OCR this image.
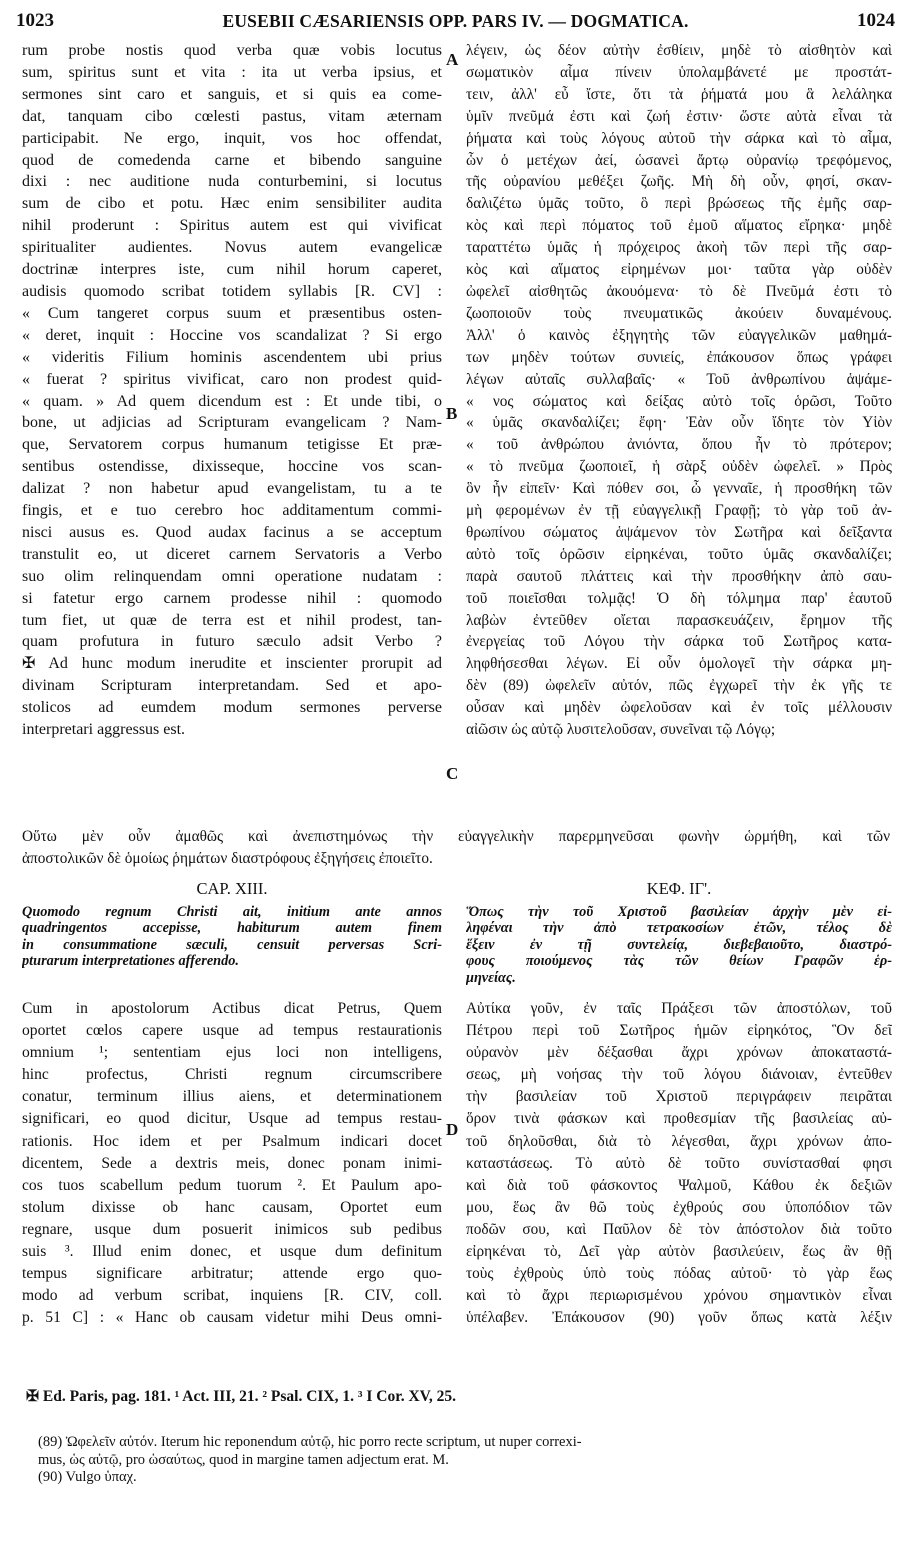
1023	EUSEBII CÆSARIENSIS OPP. PARS IV. — DOGMATICA.	1024
rum probe nostis quod verba quæ vobis locutus
sum, spiritus sunt et vita : ita ut verba ipsius, et
sermones sint caro et sanguis, et si quis ea come-
dat, tanquam cibo cœlesti pastus, vitam æternam
participabit. Ne ergo, inquit, vos hoc offendat,
quod de comedenda carne et bibendo sanguine
dixi : nec auditione nuda conturbemini, si locutus
sum de cibo et potu. Hæc enim sensibiliter audita
nihil proderunt : Spiritus autem est qui vivificat
spiritualiter audientes. Novus autem evangelicæ
doctrinæ interpres iste, cum nihil horum caperet,
audisis quomodo scribat totidem syllabis [R. CV] :
« Cum tangeret corpus suum et præsentibus osten-
« deret, inquit : Hoccine vos scandalizat ? Si ergo
« videritis Filium hominis ascendentem ubi prius
« fuerat ? spiritus vivificat, caro non prodest quid-
« quam. » Ad quem dicendum est : Et unde tibi, o
bone, ut adjicias ad Scripturam evangelicam ? Nam-
que, Servatorem corpus humanum tetigisse Et præ-
sentibus ostendisse, dixisseque, hoccine vos scan-
dalizat ? non habetur apud evangelistam, tu a te
fingis, et e tuo cerebro hoc additamentum commi-
nisci ausus es. Quod audax facinus a se acceptum
transtulit eo, ut diceret carnem Servatoris a Verbo
suo olim relinquendam omni operatione nudatam :
si fatetur ergo carnem prodesse nihil : quomodo
tum fiet, ut quæ de terra est et nihil prodest, tan-
quam profutura in futuro sæculo adsit Verbo ?
✠ Ad hunc modum inerudite et inscienter prorupit ad
divinam Scripturam interpretandam. Sed et apo-
stolicos ad eumdem modum sermones perverse
interpretari aggressus est.
λέγειν, ὡς δέον αὐτὴν ἐσθίειν, μηδὲ τὸ αἰσθητὸν καὶ
σωματικὸν αἷμα πίνειν ὑπολαμβάνετέ με προστάτ-
τειν, ἀλλ' εὖ ἴστε, ὅτι τὰ ῥήματά μου ἃ λελάληκα
ὑμῖν πνεῦμά ἐστι καὶ ζωή ἐστιν· ὥστε αὐτὰ εἶναι τὰ
ῥήματα καὶ τοὺς λόγους αὐτοῦ τὴν σάρκα καὶ τὸ αἷμα,
ὧν ὁ μετέχων ἀεί, ὡσανεὶ ἄρτῳ οὐρανίῳ τρεφόμενος,
τῆς οὐρανίου μεθέξει ζωῆς. Μὴ δὴ οὖν, φησί, σκαν-
δαλιζέτω ὑμᾶς τοῦτο, ὃ περὶ βρώσεως τῆς ἐμῆς σαρ-
κὸς καὶ περὶ πόματος τοῦ ἐμοῦ αἵματος εἴρηκα· μηδὲ
ταραττέτω ὑμᾶς ἡ πρόχειρος ἀκοὴ τῶν περὶ τῆς σαρ-
κὸς καὶ αἵματος εἰρημένων μοι· ταῦτα γὰρ οὐδὲν
ὠφελεῖ αἰσθητῶς ἀκουόμενα· τὸ δὲ Πνεῦμά ἐστι τὸ
ζωοποιοῦν τοὺς πνευματικῶς ἀκούειν δυναμένους.
Ἀλλ' ὁ καινὸς ἐξηγητὴς τῶν εὐαγγελικῶν μαθημά-
των μηδὲν τούτων συνιείς, ἐπάκουσον ὅπως γράφει
λέγων αὐταῖς συλλαβαῖς· « Τοῦ ἀνθρωπίνου ἁψάμε-
« νος σώματος καὶ δείξας αὐτὸ τοῖς ὁρῶσι, Τοῦτο
« ὑμᾶς σκανδαλίζει; ἔφη· Ἐὰν οὖν ἴδητε τὸν Υἱὸν
« τοῦ ἀνθρώπου ἀνιόντα, ὅπου ἦν τὸ πρότερον;
« τὸ πνεῦμα ζωοποιεῖ, ἡ σὰρξ οὐδὲν ὠφελεῖ. » Πρὸς
ὃν ἦν εἰπεῖν· Καὶ πόθεν σοι, ὦ γενναῖε, ἡ προσθήκη τῶν
μὴ φερομένων ἐν τῇ εὐαγγελικῇ Γραφῇ; τὸ γὰρ τοῦ ἀν-
θρωπίνου σώματος ἁψάμενον τὸν Σωτῆρα καὶ δεῖξαντα
αὐτὸ τοῖς ὁρῶσιν εἰρηκέναι, τοῦτο ὑμᾶς σκανδαλίζει;
παρὰ σαυτοῦ πλάττεις καὶ τὴν προσθήκην ἀπὸ σαυ-
τοῦ ποιεῖσθαι τολμᾷς! Ὁ δὴ τόλμημα παρ' ἑαυτοῦ
λαβὼν ἐντεῦθεν οἴεται παρασκευάζειν, ἔρημον τῆς
ἐνεργείας τοῦ Λόγου τὴν σάρκα τοῦ Σωτῆρος κατα-
ληφθήσεσθαι λέγων. Εἰ οὖν ὁμολογεῖ τὴν σάρκα μη-
δὲν (89) ὠφελεῖν αὐτόν, πῶς ἐγχωρεῖ τὴν ἐκ γῆς τε
οὖσαν καὶ μηδὲν ὠφελοῦσαν καὶ ἐν τοῖς μέλλουσιν
αἰῶσιν ὡς αὐτῷ λυσιτελοῦσαν, συνεῖναι τῷ Λόγῳ;
A
B
C
D
Οὕτω μὲν οὖν ἀμαθῶς καὶ ἀνεπιστημόνως τὴν εὐαγγελικὴν παρερμηνεῦσαι φωνὴν ὡρμήθη, καὶ τῶν
ἀποστολικῶν δὲ ὁμοίως ῥημάτων διαστρόφους ἐξηγήσεις ἐποιεῖτο.
CAP. XIII.	ΚΕΦ. ΙΓ'.
Quomodo regnum Christi ait, initium ante annos
quadringentos accepisse, habiturum autem finem
in consummatione sæculi, censuit perversas Scri-
pturarum interpretationes afferendo.
Ὅπως τὴν τοῦ Χριστοῦ βασιλείαν ἀρχὴν μὲν εἰ-
ληφέναι τὴν ἀπὸ τετρακοσίων ἐτῶν, τέλος δὲ
ἕξειν ἐν τῇ συντελείᾳ, διεβεβαιοῦτο, διαστρό-
φους ποιούμενος τὰς τῶν θείων Γραφῶν ἑρ-
μηνείας.
Cum in apostolorum Actibus dicat Petrus, Quem
oportet cœlos capere usque ad tempus restaurationis
omnium ¹; sententiam ejus loci non intelligens,
hinc profectus, Christi regnum circumscribere
conatur, terminum illius aiens, et determinationem
significari, eo quod dicitur, Usque ad tempus restau-
rationis. Hoc idem et per Psalmum indicari docet
dicentem, Sede a dextris meis, donec ponam inimi-
cos tuos scabellum pedum tuorum ². Et Paulum apo-
stolum dixisse ob hanc causam, Oportet eum
regnare, usque dum posuerit inimicos sub pedibus
suis ³. Illud enim donec, et usque dum definitum
tempus significare arbitratur; attende ergo quo-
modo ad verbum scribat, inquiens [R. CIV, coll.
p. 51 C] : « Hanc ob causam videtur mihi Deus omni-
Αὐτίκα γοῦν, ἐν ταῖς Πράξεσι τῶν ἀποστόλων, τοῦ
Πέτρου περὶ τοῦ Σωτῆρος ἡμῶν εἰρηκότος, Ὃν δεῖ
οὐρανὸν μὲν δέξασθαι ἄχρι χρόνων ἀποκαταστά-
σεως, μὴ νοήσας τὴν τοῦ λόγου διάνοιαν, ἐντεῦθεν
τὴν βασιλείαν τοῦ Χριστοῦ περιγράφειν πειρᾶται
ὅρον τινὰ φάσκων καὶ προθεσμίαν τῆς βασιλείας αὐ-
τοῦ δηλοῦσθαι, διὰ τὸ λέγεσθαι, ἄχρι χρόνων ἀπο-
καταστάσεως. Τὸ αὐτὸ δὲ τοῦτο συνίστασθαί φησι
καὶ διὰ τοῦ φάσκοντος Ψαλμοῦ, Κάθου ἐκ δεξιῶν
μου, ἕως ἂν θῶ τοὺς ἐχθρούς σου ὑποπόδιον τῶν
ποδῶν σου, καὶ Παῦλον δὲ τὸν ἀπόστολον διὰ τοῦτο
εἰρηκέναι τὸ, Δεῖ γὰρ αὐτὸν βασιλεύειν, ἕως ἂν θῇ
τοὺς ἐχθροὺς ὑπὸ τοὺς πόδας αὐτοῦ· τὸ γὰρ ἕως
καὶ τὸ ἄχρι περιωρισμένου χρόνου σημαντικὸν εἶναι
ὑπέλαβεν. Ἐπάκουσον (90) γοῦν ὅπως κατὰ λέξιν
✠ Ed. Paris, pag. 181. ¹ Act. III, 21. ² Psal. CIX, 1. ³ I Cor. XV, 25.
(89) Ὠφελεῖν αὐτόν. Iterum hic reponendum αὐτῷ, hic porro recte scriptum, ut nuper correxi-
mus, ὡς αὐτῷ, pro ὡσαύτως, quod in margine tamen adjectum erat. M.
(90) Vulgo ὑπαχ.
